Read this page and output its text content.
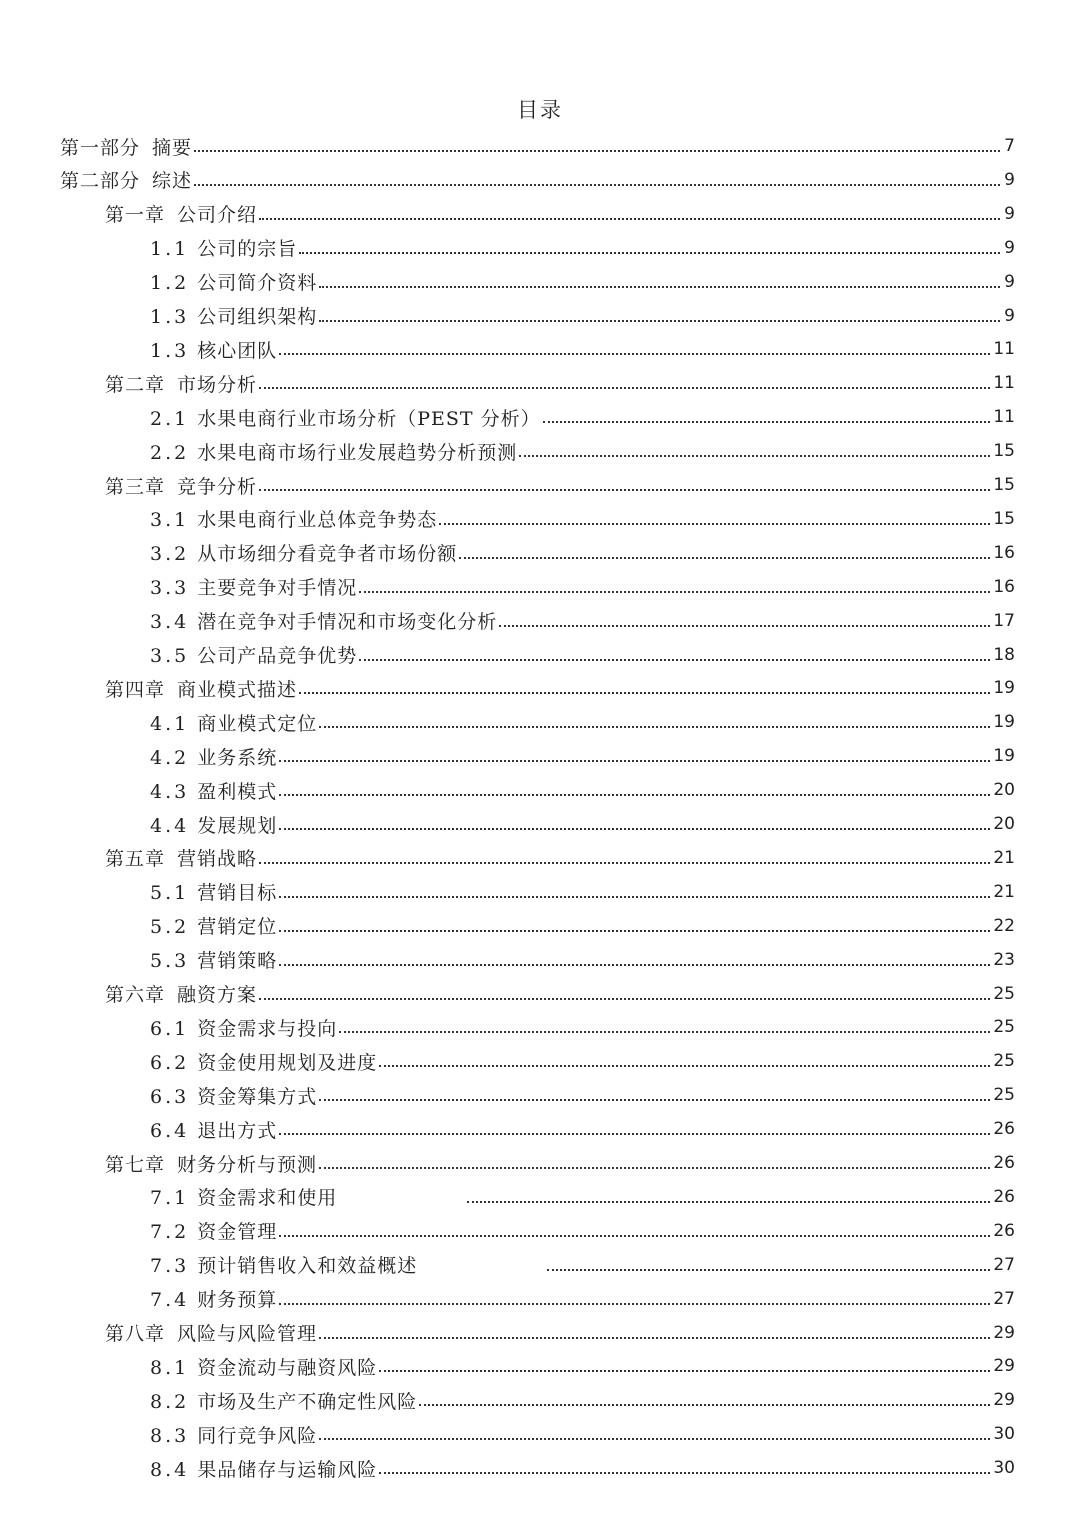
目录
第一部分 摘要	7
第二部分 综述	9
第一章 公司介绍	9
1.1 公司的宗旨	9
1.2 公司简介资料	9
1.3 公司组织架构	9
1.3 核心团队	11
第二章 市场分析	11
2.1 水果电商行业市场分析（PEST 分析）	11
2.2 水果电商市场行业发展趋势分析预测	15
第三章 竞争分析	15
3.1 水果电商行业总体竞争势态	15
3.2 从市场细分看竞争者市场份额	16
3.3 主要竞争对手情况	16
3.4 潜在竞争对手情况和市场变化分析	17
3.5 公司产品竞争优势	18
第四章 商业模式描述	19
4.1 商业模式定位	19
4.2 业务系统	19
4.3 盈利模式	20
4.4 发展规划	20
第五章 营销战略	21
5.1 营销目标	21
5.2 营销定位	22
5.3 营销策略	23
第六章 融资方案	25
6.1 资金需求与投向	25
6.2 资金使用规划及进度	25
6.3 资金筹集方式	25
6.4 退出方式	26
第七章 财务分析与预测	26
7.1 资金需求和使用	26
7.2 资金管理	26
7.3 预计销售收入和效益概述	27
7.4 财务预算	27
第八章 风险与风险管理	29
8.1 资金流动与融资风险	29
8.2 市场及生产不确定性风险	29
8.3 同行竞争风险	30
8.4 果品储存与运输风险	30
